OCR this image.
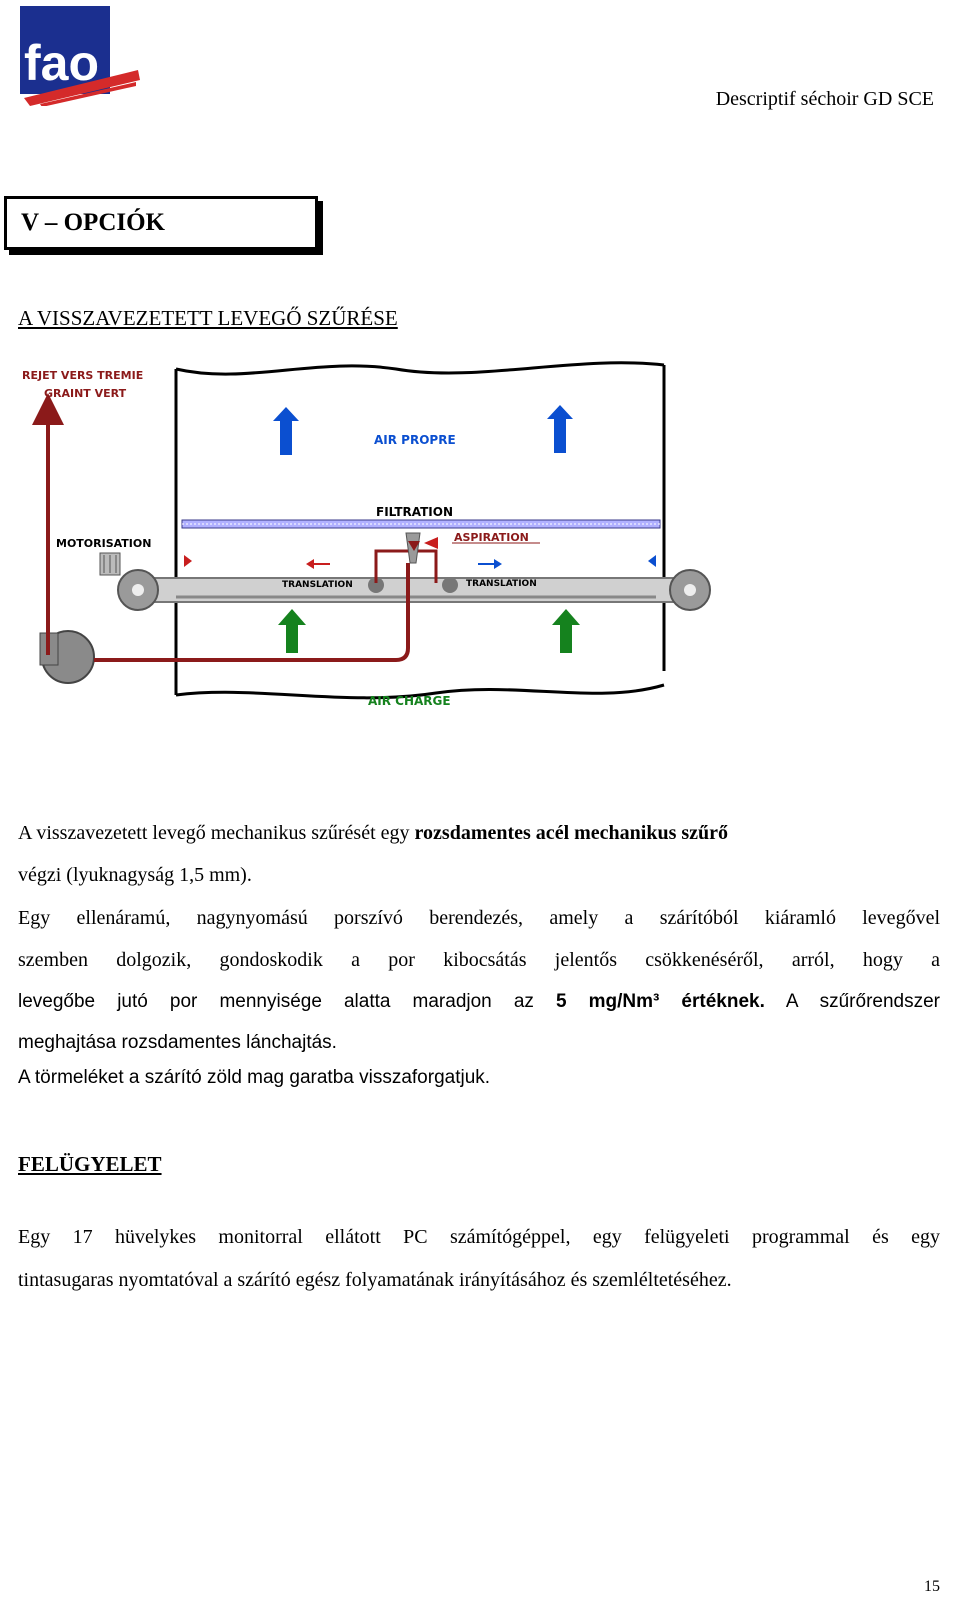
fao
Descriptif séchoir GD SCE
V – OPCIÓK
A VISSZAVEZETETT LEVEGŐ SZŰRÉSE
REJET VERS TREMIE
GRAINT VERT
AIR PROPRE
FILTRATION
MOTORISATION	ASPIRATION
TRANSLATION	TRANSLATION
AIR CHARGE

A visszavezetett levegő mechanikus szűrését egy rozsdamentes acél mechanikus szűrő

végzi (lyuknagyság 1,5 mm).

Egy ellenáramú, nagynyomású porszívó berendezés, amely a szárítóból kiáramló levegővel

szemben dolgozik, gondoskodik a por kibocsátás jelentős csökkenéséről, arról, hogy a

levegőbe jutó por mennyisége alatta maradjon az 5 mg/Nm³ értéknek. A szűrőrendszer

meghajtása rozsdamentes lánchajtás.

A törmeléket a szárító zöld mag garatba visszaforgatjuk.

FELÜGYELET

Egy 17 hüvelykes monitorral ellátott PC számítógéppel, egy felügyeleti programmal és egy

tintasugaras nyomtatóval a szárító egész folyamatának irányításához és szemléltetéséhez.

15
